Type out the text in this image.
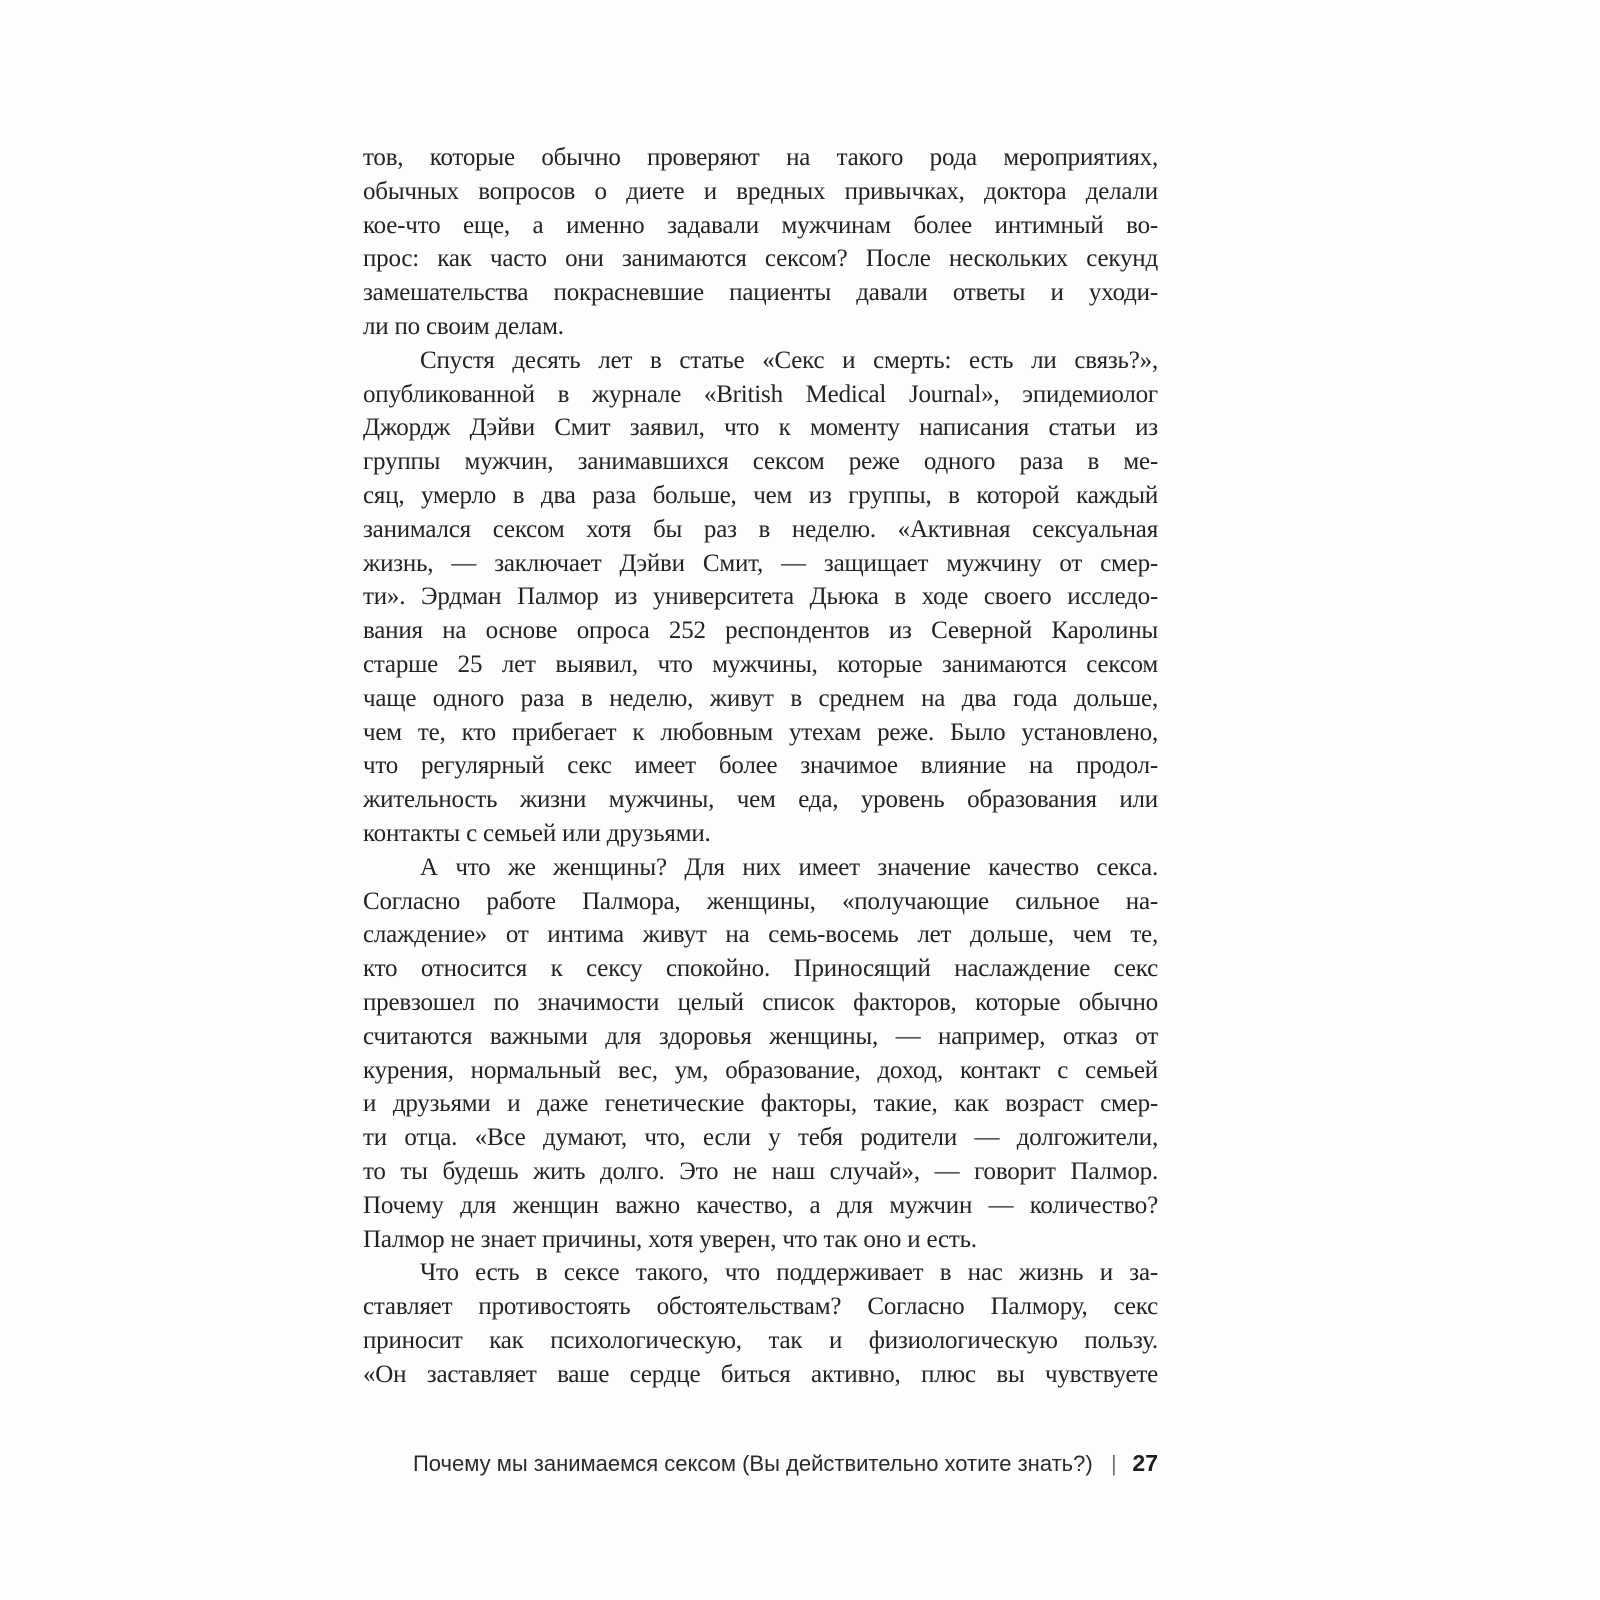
тов, которые обычно проверяют на такого рода мероприятиях,
обычных вопросов о диете и вредных привычках, доктора делали
кое-что еще, а именно задавали мужчинам более интимный во-
прос: как часто они занимаются сексом? После нескольких секунд
замешательства покрасневшие пациенты давали ответы и уходи-
ли по своим делам.
Спустя десять лет в статье «Секс и смерть: есть ли связь?»,
опубликованной в журнале «British Medical Journal», эпидемиолог
Джордж Дэйви Смит заявил, что к моменту написания статьи из
группы мужчин, занимавшихся сексом реже одного раза в ме-
сяц, умерло в два раза больше, чем из группы, в которой каждый
занимался сексом хотя бы раз в неделю. «Активная сексуальная
жизнь, — заключает Дэйви Смит, — защищает мужчину от смер-
ти». Эрдман Палмор из университета Дьюка в ходе своего исследо-
вания на основе опроса 252 респондентов из Северной Каролины
старше 25 лет выявил, что мужчины, которые занимаются сексом
чаще одного раза в неделю, живут в среднем на два года дольше,
чем те, кто прибегает к любовным утехам реже. Было установлено,
что регулярный секс имеет более значимое влияние на продол-
жительность жизни мужчины, чем еда, уровень образования или
контакты с семьей или друзьями.
А что же женщины? Для них имеет значение качество секса.
Согласно работе Палмора, женщины, «получающие сильное на-
слаждение» от интима живут на семь-восемь лет дольше, чем те,
кто относится к сексу спокойно. Приносящий наслаждение секс
превзошел по значимости целый список факторов, которые обычно
считаются важными для здоровья женщины, — например, отказ от
курения, нормальный вес, ум, образование, доход, контакт с семьей
и друзьями и даже генетические факторы, такие, как возраст смер-
ти отца. «Все думают, что, если у тебя родители — долгожители,
то ты будешь жить долго. Это не наш случай», — говорит Палмор.
Почему для женщин важно качество, а для мужчин — количество?
Палмор не знает причины, хотя уверен, что так оно и есть.
Что есть в сексе такого, что поддерживает в нас жизнь и за-
ставляет противостоять обстоятельствам? Согласно Палмору, секс
приносит как психологическую, так и физиологическую пользу.
«Он заставляет ваше сердце биться активно, плюс вы чувствуете
Почему мы занимаемся сексом (Вы действительно хотите знать?) | 27
